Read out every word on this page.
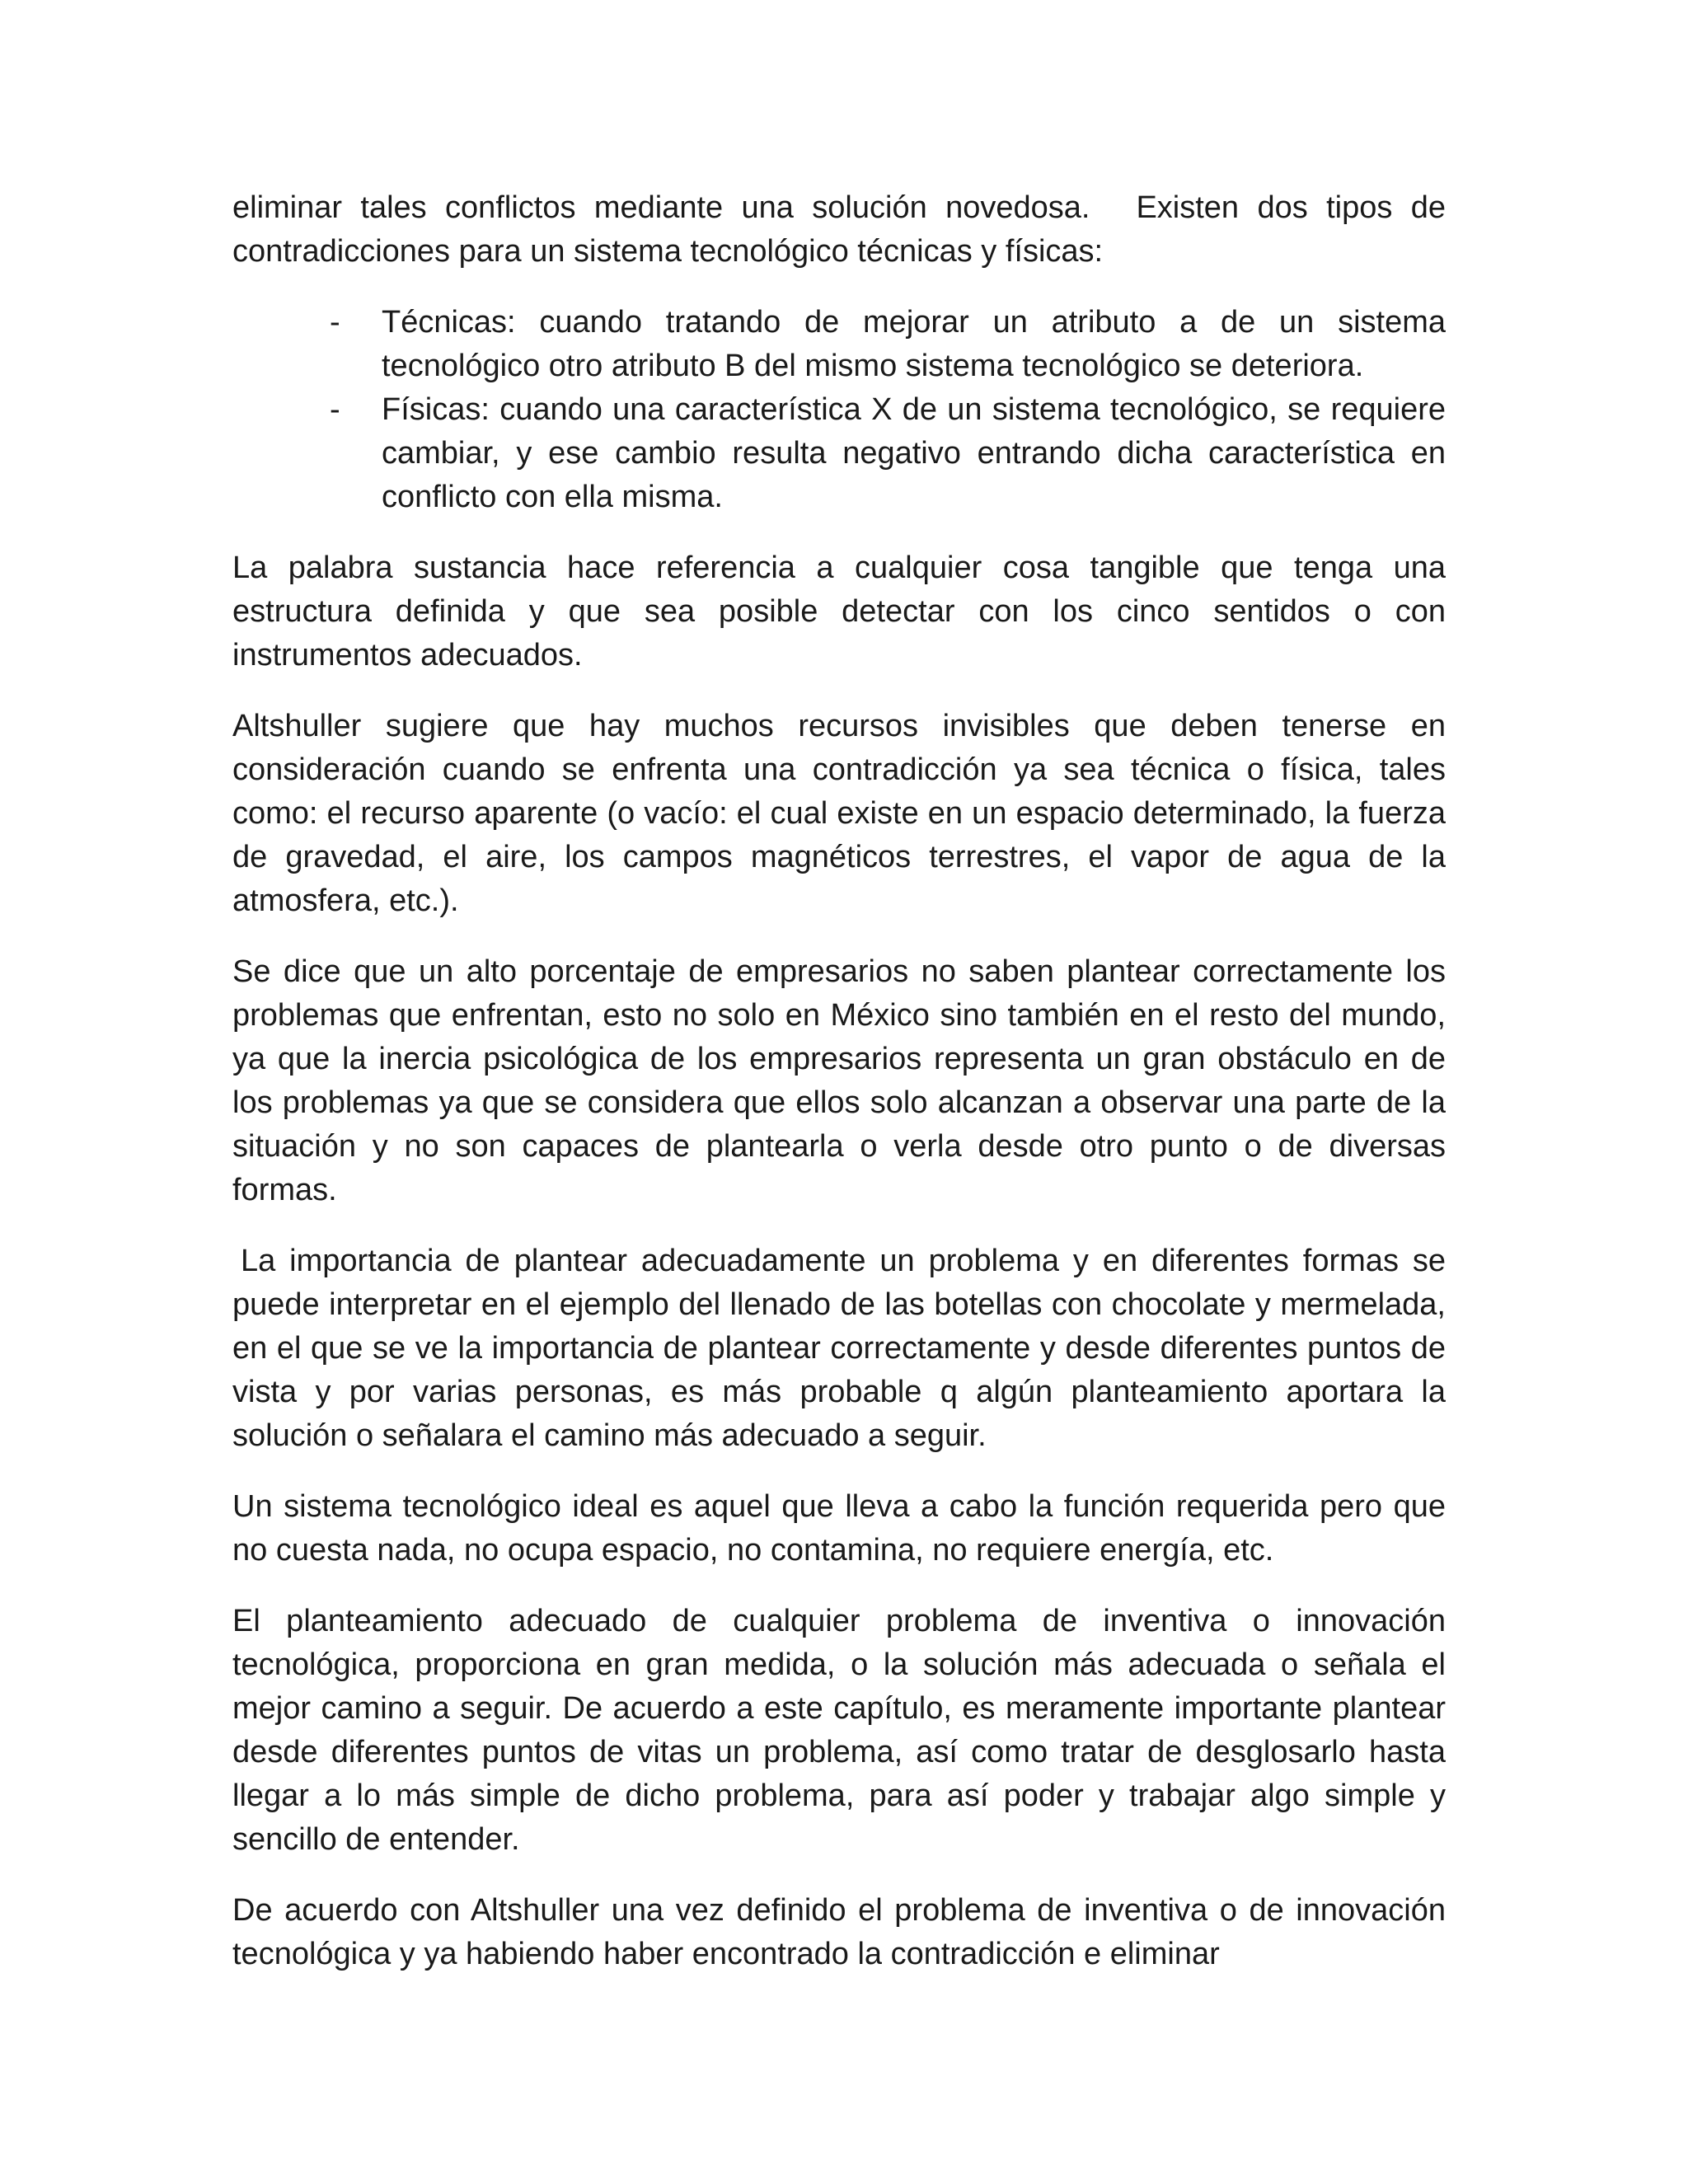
eliminar tales conflictos mediante una solución novedosa. Existen dos tipos de contradicciones para un sistema tecnológico técnicas y físicas:

- Técnicas: cuando tratando de mejorar un atributo a de un sistema tecnológico otro atributo B del mismo sistema tecnológico se deteriora.
- Físicas: cuando una característica X de un sistema tecnológico, se requiere cambiar, y ese cambio resulta negativo entrando dicha característica en conflicto con ella misma.

La palabra sustancia hace referencia a cualquier cosa tangible que tenga una estructura definida y que sea posible detectar con los cinco sentidos o con instrumentos adecuados.

Altshuller sugiere que hay muchos recursos invisibles que deben tenerse en consideración cuando se enfrenta una contradicción ya sea técnica o física, tales como: el recurso aparente (o vacío: el cual existe en un espacio determinado, la fuerza de gravedad, el aire, los campos magnéticos terrestres, el vapor de agua de la atmosfera, etc.).

Se dice que un alto porcentaje de empresarios no saben plantear correctamente los problemas que enfrentan, esto no solo en México sino también en el resto del mundo, ya que la inercia psicológica de los empresarios representa un gran obstáculo en de los problemas ya que se considera que ellos solo alcanzan a observar una parte de la situación y no son capaces de plantearla o verla desde otro punto o de diversas formas.

La importancia de plantear adecuadamente un problema y en diferentes formas se puede interpretar en el ejemplo del llenado de las botellas con chocolate y mermelada, en el que se ve la importancia de plantear correctamente y desde diferentes puntos de vista y por varias personas, es más probable q algún planteamiento aportara la solución o señalara el camino más adecuado a seguir.

Un sistema tecnológico ideal es aquel que lleva a cabo la función requerida pero que no cuesta nada, no ocupa espacio, no contamina, no requiere energía, etc.

El planteamiento adecuado de cualquier problema de inventiva o innovación tecnológica, proporciona en gran medida, o la solución más adecuada o señala el mejor camino a seguir. De acuerdo a este capítulo, es meramente importante plantear desde diferentes puntos de vitas un problema, así como tratar de desglosarlo hasta llegar a lo más simple de dicho problema, para así poder y trabajar algo simple y sencillo de entender.

De acuerdo con Altshuller una vez definido el problema de inventiva o de innovación tecnológica y ya habiendo haber encontrado la contradicción e eliminar
